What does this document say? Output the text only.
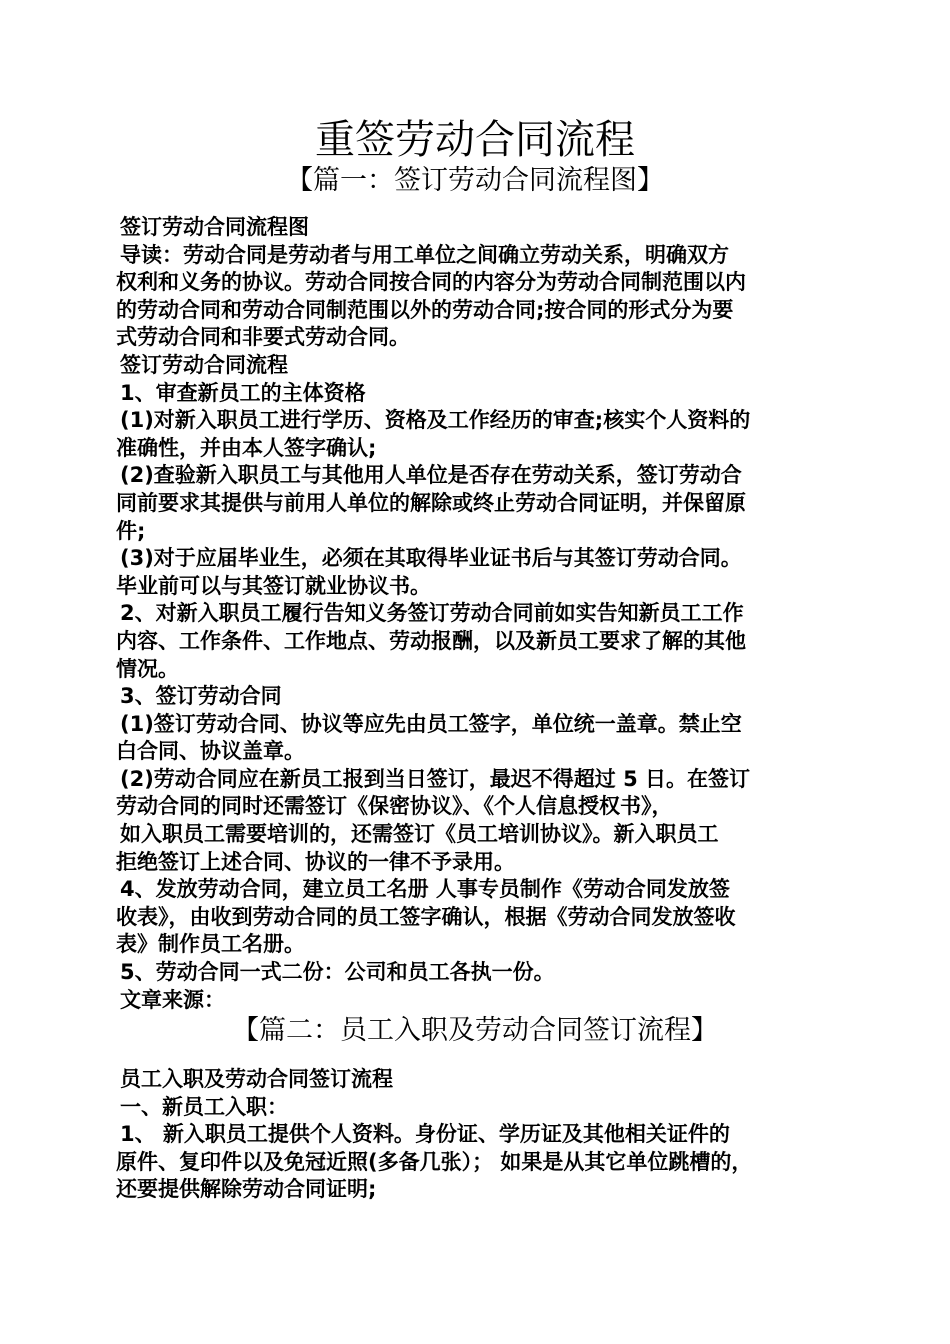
重签劳动合同流程
【篇一：签订劳动合同流程图】

签订劳动合同流程图

导读：劳动合同是劳动者与用工单位之间确立劳动关系，明确双方

权利和义务的协议。劳动合同按合同的内容分为劳动合同制范围以内

的劳动合同和劳动合同制范围以外的劳动合同;按合同的形式分为要

式劳动合同和非要式劳动合同。

签订劳动合同流程

1、审查新员工的主体资格

(1)对新入职员工进行学历、资格及工作经历的审查;核实个人资料的

准确性，并由本人签字确认;

(2)查验新入职员工与其他用人单位是否存在劳动关系，签订劳动合

同前要求其提供与前用人单位的解除或终止劳动合同证明，并保留原

件;

(3)对于应届毕业生，必须在其取得毕业证书后与其签订劳动合同。

毕业前可以与其签订就业协议书。

2、对新入职员工履行告知义务签订劳动合同前如实告知新员工工作

内容、工作条件、工作地点、劳动报酬，以及新员工要求了解的其他

情况。

3、签订劳动合同

(1)签订劳动合同、协议等应先由员工签字，单位统一盖章。禁止空

白合同、协议盖章。

(2)劳动合同应在新员工报到当日签订，最迟不得超过 5 日。在签订

劳动合同的同时还需签订《保密协议》、《个人信息授权书》，

如入职员工需要培训的，还需签订《员工培训协议》。新入职员工

拒绝签订上述合同、协议的一律不予录用。

4、发放劳动合同，建立员工名册 人事专员制作《劳动合同发放签

收表》，由收到劳动合同的员工签字确认，根据《劳动合同发放签收

表》制作员工名册。

5、劳动合同一式二份：公司和员工各执一份。

文章来源：

【篇二：员工入职及劳动合同签订流程】

员工入职及劳动合同签订流程

一、新员工入职：

1、 新入职员工提供个人资料。身份证、学历证及其他相关证件的

原件、复印件以及免冠近照(多备几张）； 如果是从其它单位跳槽的，

还要提供解除劳动合同证明;
